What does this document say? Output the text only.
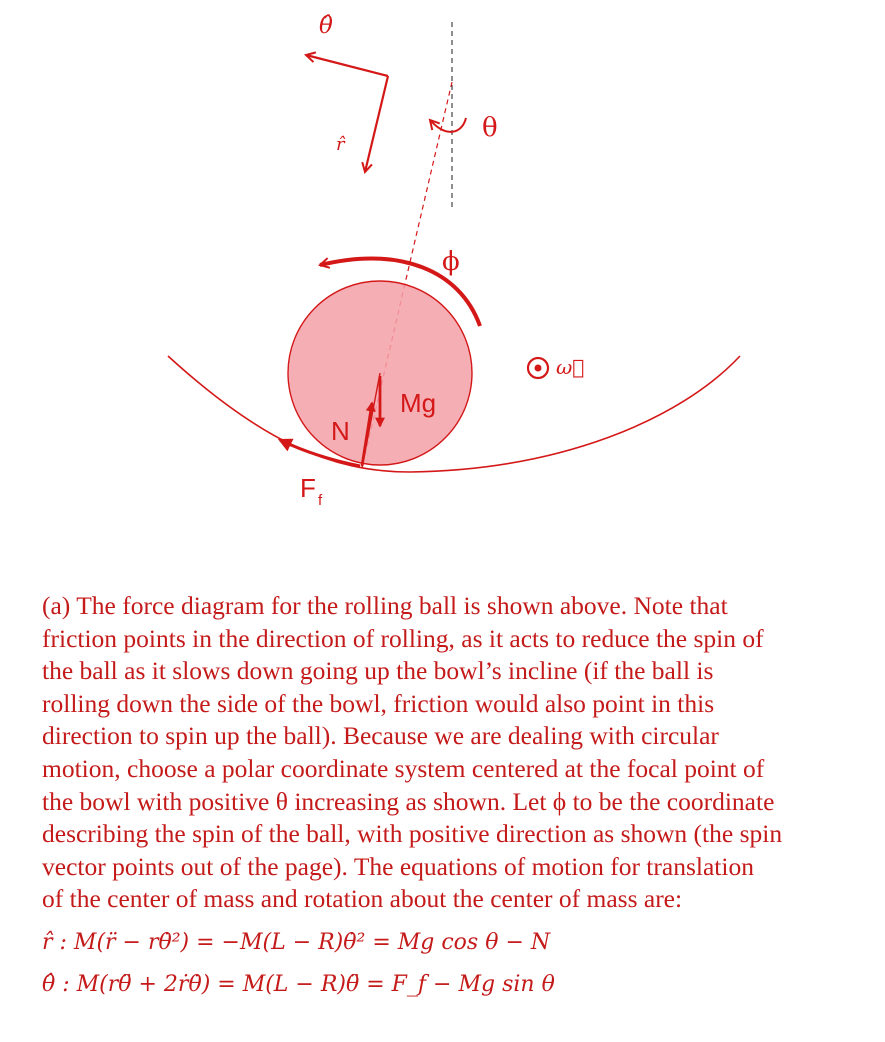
θ̂
r̂
θ
ϕ
ω⃗
Mg
N
F f

(a) The force diagram for the rolling ball is shown above. Note that
friction points in the direction of rolling, as it acts to reduce the spin of
the ball as it slows down going up the bowl’s incline (if the ball is
rolling down the side of the bowl, friction would also point in this
direction to spin up the ball). Because we are dealing with circular
motion, choose a polar coordinate system centered at the focal point of
the bowl with positive θ increasing as shown. Let ϕ to be the coordinate
describing the spin of the ball, with positive direction as shown (the spin
vector points out of the page). The equations of motion for translation
of the center of mass and rotation about the center of mass are:

r̂ : M(r̈ − rθ̇²) = −M(L − R)θ̇² = Mg cos θ − N
θ̂ : M(rθ̈ + 2ṙθ̇) = M(L − R)θ̈ = F_f − Mg sin θ
